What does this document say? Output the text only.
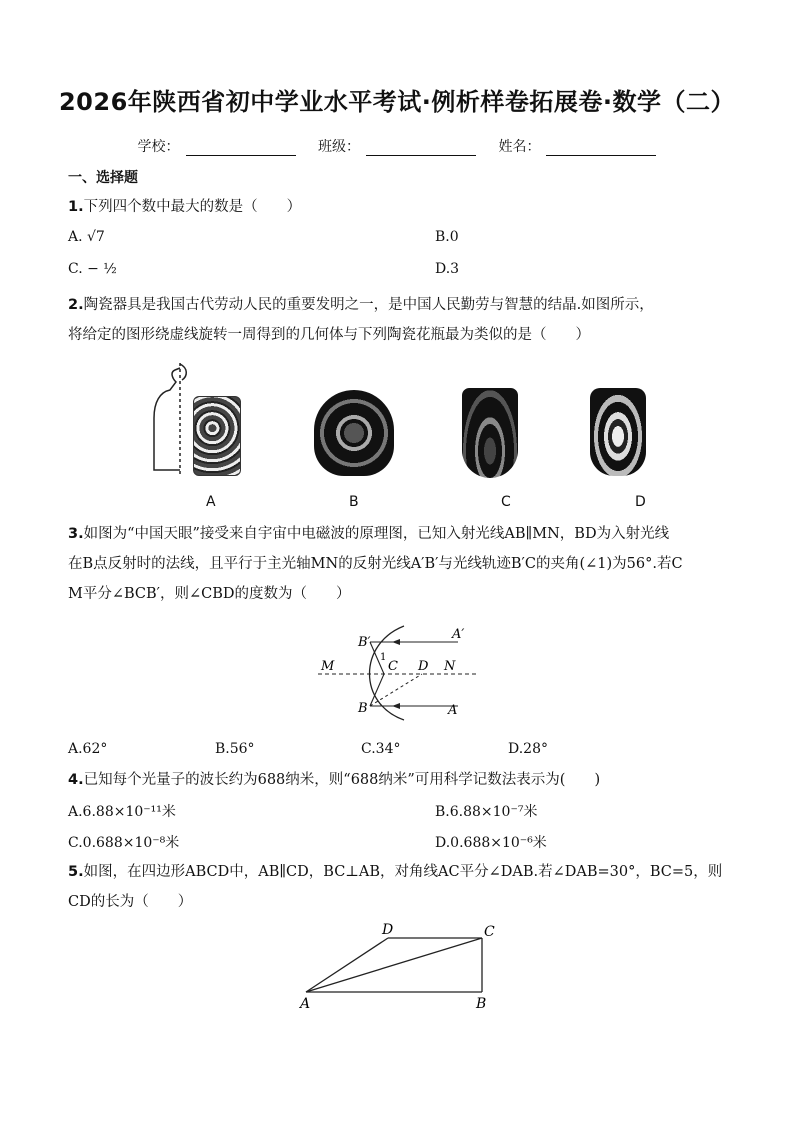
2026年陕西省初中学业水平考试·例析样卷拓展卷·数学（二）
学校：	班级：	姓名：
一、选择题
1.下列四个数中最大的数是（　　）
A. √7	B.0
C. − ½	D.3
2.陶瓷器具是我国古代劳动人民的重要发明之一，是中国人民勤劳与智慧的结晶.如图所示，
将给定的图形绕虚线旋转一周得到的几何体与下列陶瓷花瓶最为类似的是（　　）
A	B	C	D
3.如图为“中国天眼”接受来自宇宙中电磁波的原理图，已知入射光线AB∥MN，BD为入射光线
在B点反射时的法线，且平行于主光轴MN的反射光线A′B′与光线轨迹B′C的夹角(∠1)为56°.若C
M平分∠BCB′，则∠CBD的度数为（　　）
B′
A′
M	C D N
B	A
1
A.62°	B.56°	C.34°	D.28°
4.已知每个光量子的波长约为688纳米，则“688纳米”可用科学记数法表示为(　　)
A.6.88×10⁻¹¹米	B.6.88×10⁻⁷米
C.0.688×10⁻⁸米	D.0.688×10⁻⁶米
5.如图，在四边形ABCD中，AB∥CD，BC⊥AB，对角线AC平分∠DAB.若∠DAB=30°，BC=5，则
CD的长为（　　）
D	C
A	B
